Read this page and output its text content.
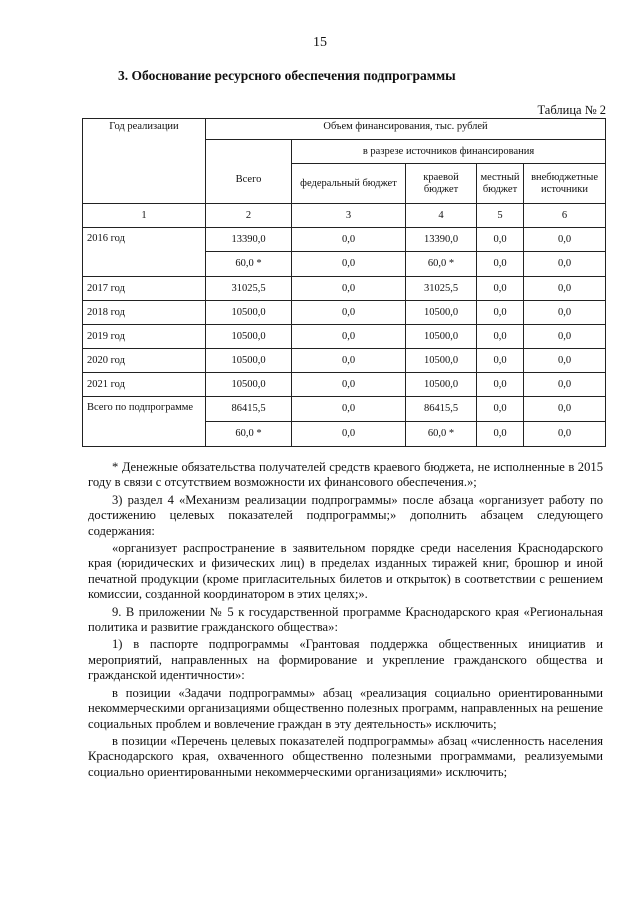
15
3. Обоснование ресурсного обеспечения подпрограммы
Таблица № 2
Год реализации	Объем финансирования, тыс. рублей				
	Всего	в разрезе источников финансирования			
		федеральный бюджет	краевой бюджет	местный бюджет	внебюджетные источники
1	2	3	4	5	6
2016 год	13390,0	0,0	13390,0	0,0	0,0
	60,0 *	0,0	60,0 *	0,0	0,0
2017 год	31025,5	0,0	31025,5	0,0	0,0
2018 год	10500,0	0,0	10500,0	0,0	0,0
2019 год	10500,0	0,0	10500,0	0,0	0,0
2020 год	10500,0	0,0	10500,0	0,0	0,0
2021 год	10500,0	0,0	10500,0	0,0	0,0
Всего по подпрограмме	86415,5	0,0	86415,5	0,0	0,0
	60,0 *	0,0	60,0 *	0,0	0,0

* Денежные обязательства получателей средств краевого бюджета, не исполненные в 2015 году в связи с отсутствием возможности их финансового обеспечения.»;

3) раздел 4 «Механизм реализации подпрограммы» после абзаца «организует работу по достижению целевых показателей подпрограммы;» дополнить абзацем следующего содержания:

«организует распространение в заявительном порядке среди населения Краснодарского края (юридических и физических лиц) в пределах изданных тиражей книг, брошюр и иной печатной продукции (кроме пригласительных билетов и открыток) в соответствии с решением комиссии, созданной координатором в этих целях;».

9. В приложении № 5 к государственной программе Краснодарского края «Региональная политика и развитие гражданского общества»:

1) в паспорте подпрограммы «Грантовая поддержка общественных инициатив и мероприятий, направленных на формирование и укрепление гражданского общества и гражданской идентичности»:

в позиции «Задачи подпрограммы» абзац «реализация социально ориентированными некоммерческими организациями общественно полезных программ, направленных на решение социальных проблем и вовлечение граждан в эту деятельность» исключить;

в позиции «Перечень целевых показателей подпрограммы» абзац «численность населения Краснодарского края, охваченного общественно полезными программами, реализуемыми социально ориентированными некоммерческими организациями» исключить;
